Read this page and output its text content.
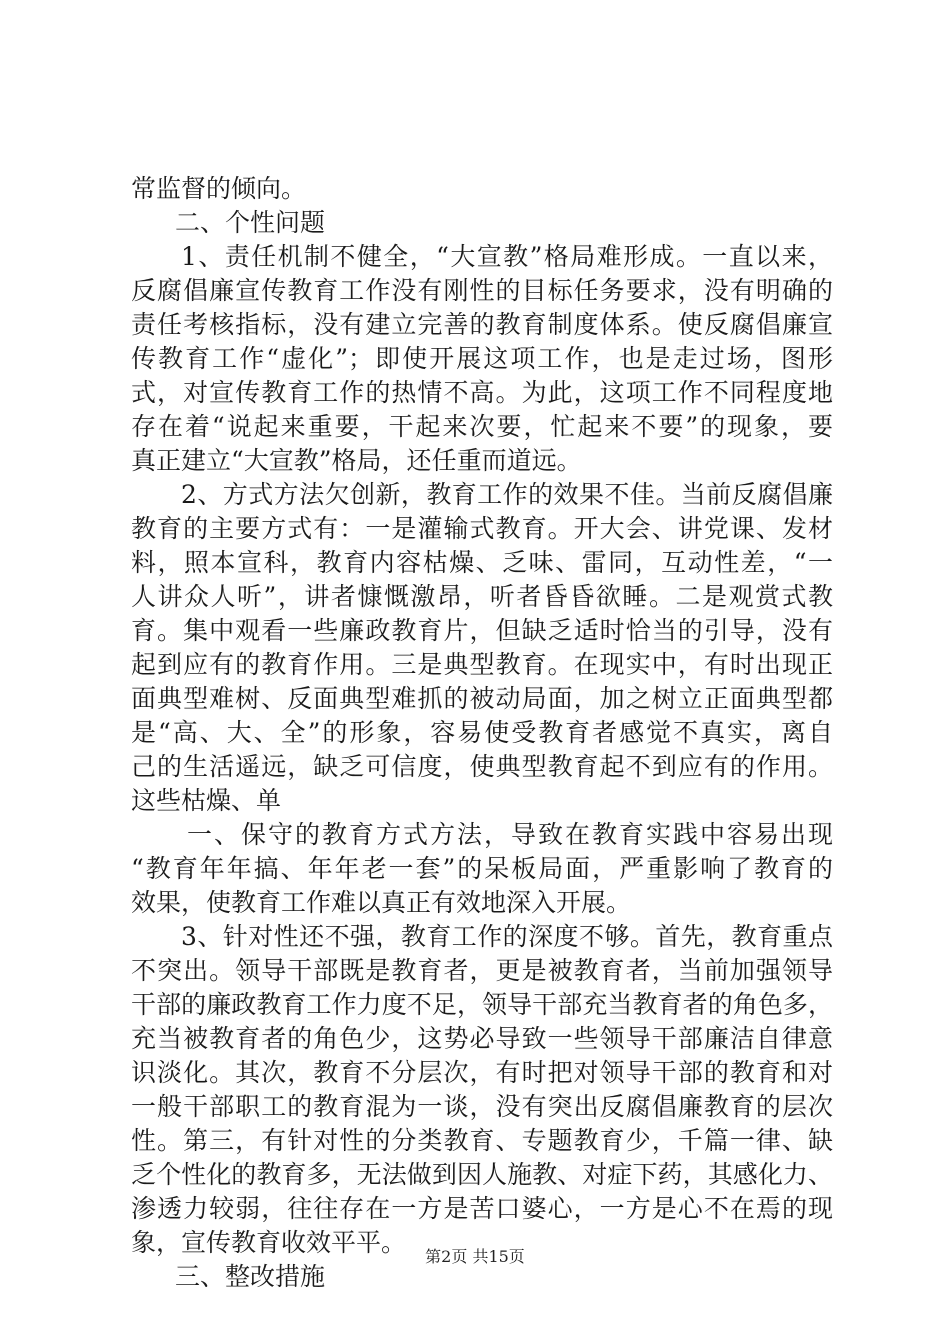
常监督的倾向。
二、个性问题
1、责任机制不健全，“大宣教”格局难形成。一直以来，
反腐倡廉宣传教育工作没有刚性的目标任务要求，没有明确的
责任考核指标，没有建立完善的教育制度体系。使反腐倡廉宣
传教育工作“虚化”；即使开展这项工作，也是走过场，图形
式，对宣传教育工作的热情不高。为此，这项工作不同程度地
存在着“说起来重要，干起来次要，忙起来不要”的现象，要
真正建立“大宣教”格局，还任重而道远。
2、方式方法欠创新，教育工作的效果不佳。当前反腐倡廉
教育的主要方式有：一是灌输式教育。开大会、讲党课、发材
料，照本宣科，教育内容枯燥、乏味、雷同，互动性差，“一
人讲众人听”，讲者慷慨激昂，听者昏昏欲睡。二是观赏式教
育。集中观看一些廉政教育片，但缺乏适时恰当的引导，没有
起到应有的教育作用。三是典型教育。在现实中，有时出现正
面典型难树、反面典型难抓的被动局面，加之树立正面典型都
是“高、大、全”的形象，容易使受教育者感觉不真实，离自
己的生活遥远，缺乏可信度，使典型教育起不到应有的作用。
这些枯燥、单
一、保守的教育方式方法，导致在教育实践中容易出现
“教育年年搞、年年老一套”的呆板局面，严重影响了教育的
效果，使教育工作难以真正有效地深入开展。
3、针对性还不强，教育工作的深度不够。首先，教育重点
不突出。领导干部既是教育者，更是被教育者，当前加强领导
干部的廉政教育工作力度不足，领导干部充当教育者的角色多，
充当被教育者的角色少，这势必导致一些领导干部廉洁自律意
识淡化。其次，教育不分层次，有时把对领导干部的教育和对
一般干部职工的教育混为一谈，没有突出反腐倡廉教育的层次
性。第三，有针对性的分类教育、专题教育少，千篇一律、缺
乏个性化的教育多，无法做到因人施教、对症下药，其感化力、
渗透力较弱，往往存在一方是苦口婆心，一方是心不在焉的现
象，宣传教育收效平平。
三、整改措施
第2页 共15页
